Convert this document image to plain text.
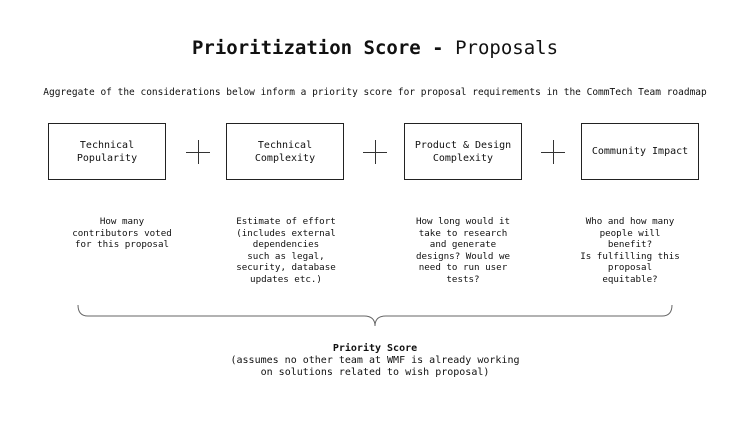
Prioritization Score - Proposals
Aggregate of the considerations below inform a priority score for proposal requirements in the CommTech Team roadmap
Technical
Popularity
Technical
Complexity
Product & Design
Complexity
Community Impact
How many
contributors voted
for this proposal
Estimate of effort
(includes external
dependencies
such as legal,
security, database
updates etc.)
How long would it
take to research
and generate
designs? Would we
need to run user
tests?
Who and how many
people will
benefit?
Is fulfilling this
proposal
equitable?
Priority Score
(assumes no other team at WMF is already working
on solutions related to wish proposal)
